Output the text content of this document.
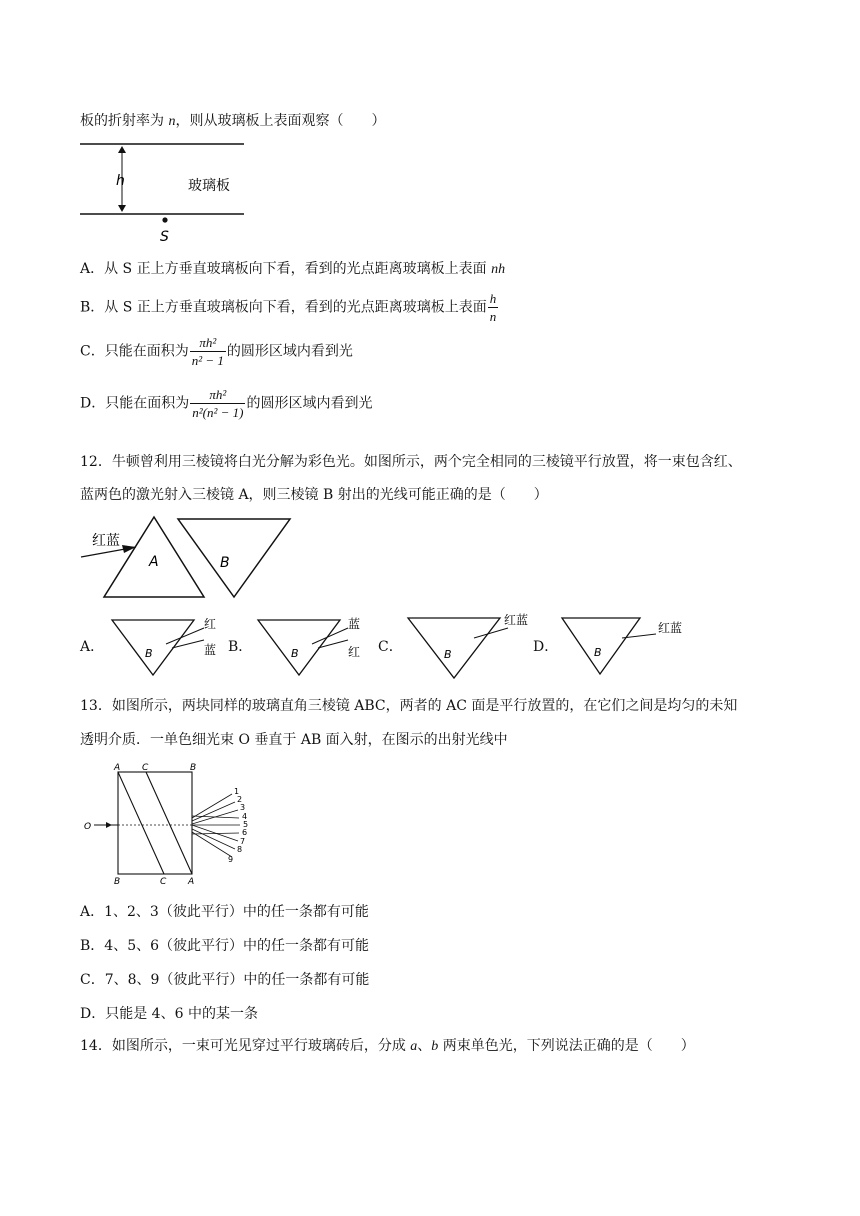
板的折射率为 n，则从玻璃板上表面观察（　　）
h	玻璃板
S
A．从 S 正上方垂直玻璃板向下看，看到的光点距离玻璃板上表面 nh
B．从 S 正上方垂直玻璃板向下看，看到的光点距离玻璃板上表面 $\frac{h}{n}$
C．只能在面积为 $\frac{\text{πh²}}{\text{n² − 1}}$ 的圆形区域内看到光
D．只能在面积为 $\frac{\text{πh²}}{\text{n²(n² − 1)}}$ 的圆形区域内看到光
12．牛顿曾利用三棱镜将白光分解为彩色光。如图所示，两个完全相同的三棱镜平行放置，将一束包含红、
蓝两色的激光射入三棱镜 A，则三棱镜 B 射出的光线可能正确的是（　　）
红蓝
A	B
A．	B
红
蓝 B．	B
蓝
红 C．	B
红蓝
D．	B
红蓝
13．如图所示，两块同样的玻璃直角三棱镜 ABC，两者的 AC 面是平行放置的，在它们之间是均匀的未知
透明介质．一单色细光束 O 垂直于 AB 面入射，在图示的出射光线中
A C	B
B	C A
O
1
2
3
4
5
6
7
8
9
A．1、2、3（彼此平行）中的任一条都有可能
B．4、5、6（彼此平行）中的任一条都有可能
C．7、8、9（彼此平行）中的任一条都有可能
D．只能是 4、6 中的某一条
14．如图所示，一束可光见穿过平行玻璃砖后，分成 a、b 两束单色光，下列说法正确的是（　　）
